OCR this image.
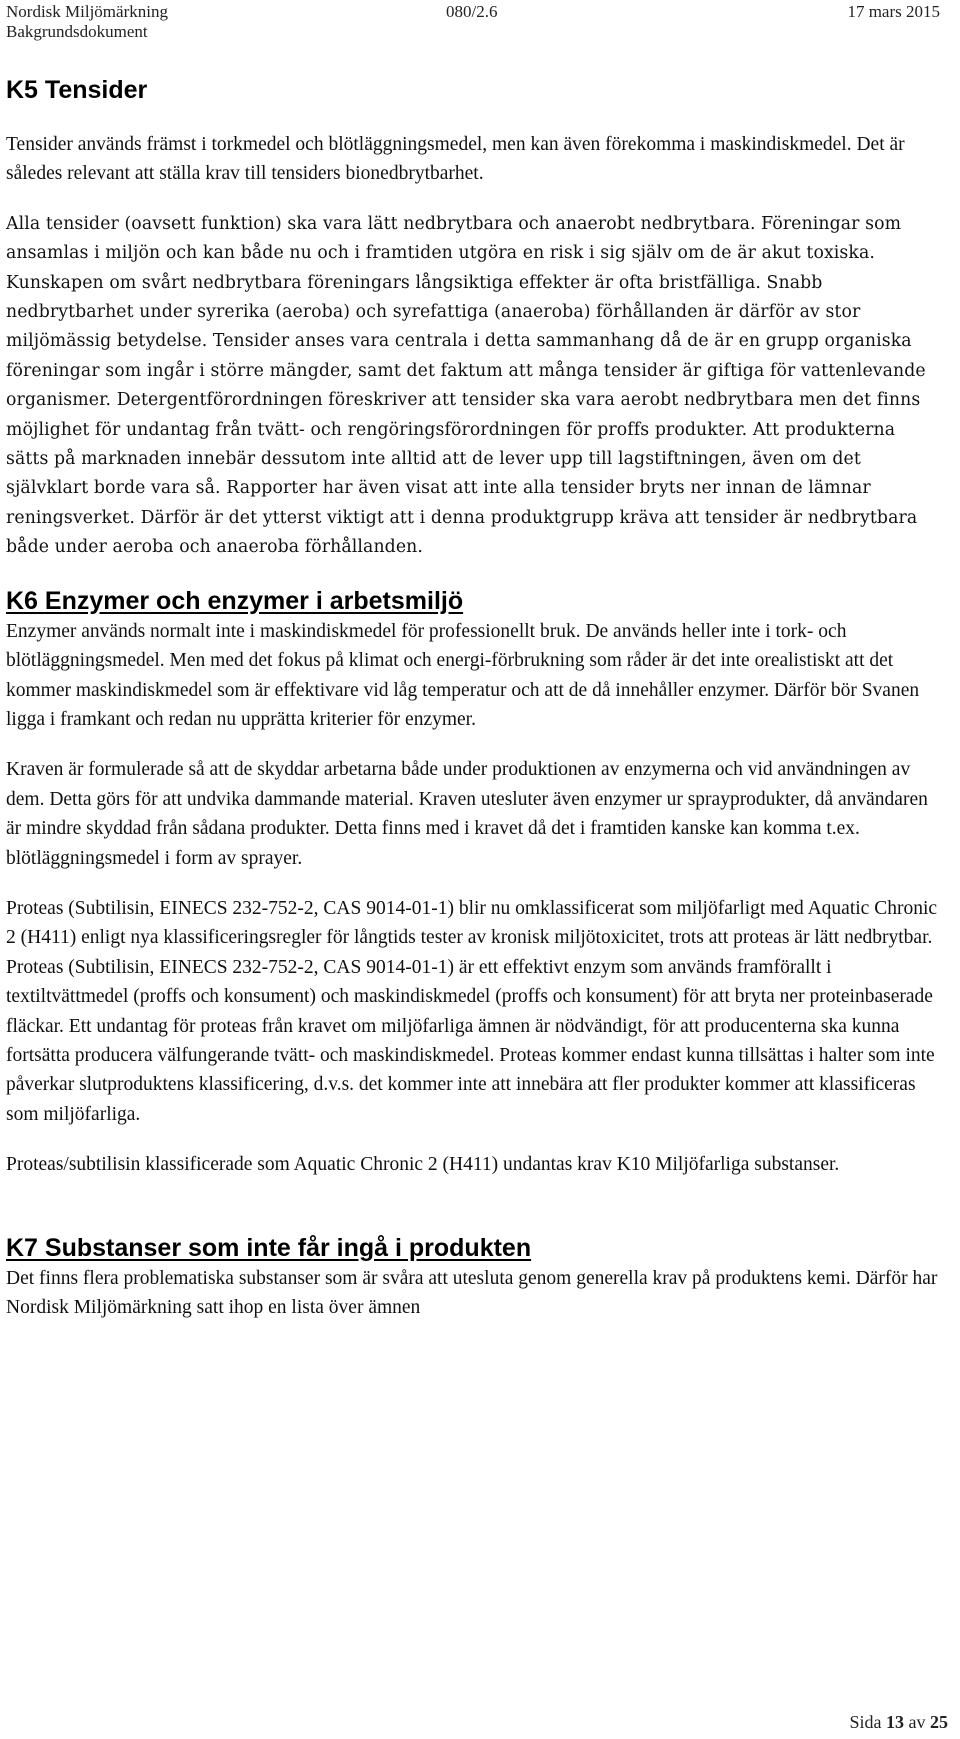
Nordisk Miljömärkning	080/2.6	17 mars 2015
Bakgrundsdokument
K5 Tensider

Tensider används främst i torkmedel och blötläggningsmedel, men kan även förekomma i maskindiskmedel. Det är således relevant att ställa krav till tensiders bionedbrytbarhet.

Alla tensider (oavsett funktion) ska vara lätt nedbrytbara och anaerobt nedbrytbara. Föreningar som ansamlas i miljön och kan både nu och i framtiden utgöra en risk i sig själv om de är akut toxiska. Kunskapen om svårt nedbrytbara föreningars långsiktiga effekter är ofta bristfälliga. Snabb nedbrytbarhet under syrerika (aeroba) och syrefattiga (anaeroba) förhållanden är därför av stor miljömässig betydelse. Tensider anses vara centrala i detta sammanhang då de är en grupp organiska föreningar som ingår i större mängder, samt det faktum att många tensider är giftiga för vattenlevande organismer. Detergentförordningen föreskriver att tensider ska vara aerobt nedbrytbara men det finns möjlighet för undantag från tvätt- och rengöringsförordningen för proffs produkter. Att produkterna sätts på marknaden innebär dessutom inte alltid att de lever upp till lagstiftningen, även om det självklart borde vara så. Rapporter har även visat att inte alla tensider bryts ner innan de lämnar reningsverket. Därför är det ytterst viktigt att i denna produktgrupp kräva att tensider är nedbrytbara både under aeroba och anaeroba förhållanden.

K6 Enzymer och enzymer i arbetsmiljö

Enzymer används normalt inte i maskindiskmedel för professionellt bruk. De används heller inte i tork- och blötläggningsmedel. Men med det fokus på klimat och energi-förbrukning som råder är det inte orealistiskt att det kommer maskindiskmedel som är effektivare vid låg temperatur och att de då innehåller enzymer. Därför bör Svanen ligga i framkant och redan nu upprätta kriterier för enzymer.

Kraven är formulerade så att de skyddar arbetarna både under produktionen av enzymerna och vid användningen av dem. Detta görs för att undvika dammande material. Kraven utesluter även enzymer ur sprayprodukter, då användaren är mindre skyddad från sådana produkter. Detta finns med i kravet då det i framtiden kanske kan komma t.ex. blötläggningsmedel i form av sprayer.

Proteas (Subtilisin, EINECS 232-752-2, CAS 9014-01-1) blir nu omklassificerat som miljöfarligt med Aquatic Chronic 2 (H411) enligt nya klassificeringsregler för långtids tester av kronisk miljötoxicitet, trots att proteas är lätt nedbrytbar. Proteas (Subtilisin, EINECS 232-752-2, CAS 9014-01-1) är ett effektivt enzym som används framförallt i textiltvättmedel (proffs och konsument) och maskindiskmedel (proffs och konsument) för att bryta ner proteinbaserade fläckar. Ett undantag för proteas från kravet om miljöfarliga ämnen är nödvändigt, för att producenterna ska kunna fortsätta producera välfungerande tvätt- och maskindiskmedel. Proteas kommer endast kunna tillsättas i halter som inte påverkar slutproduktens klassificering, d.v.s. det kommer inte att innebära att fler produkter kommer att klassificeras som miljöfarliga.

Proteas/subtilisin klassificerade som Aquatic Chronic 2 (H411) undantas krav K10 Miljöfarliga substanser.

K7 Substanser som inte får ingå i produkten

Det finns flera problematiska substanser som är svåra att utesluta genom generella krav på produktens kemi. Därför har Nordisk Miljömärkning satt ihop en lista över ämnen

Sida 13 av 25
